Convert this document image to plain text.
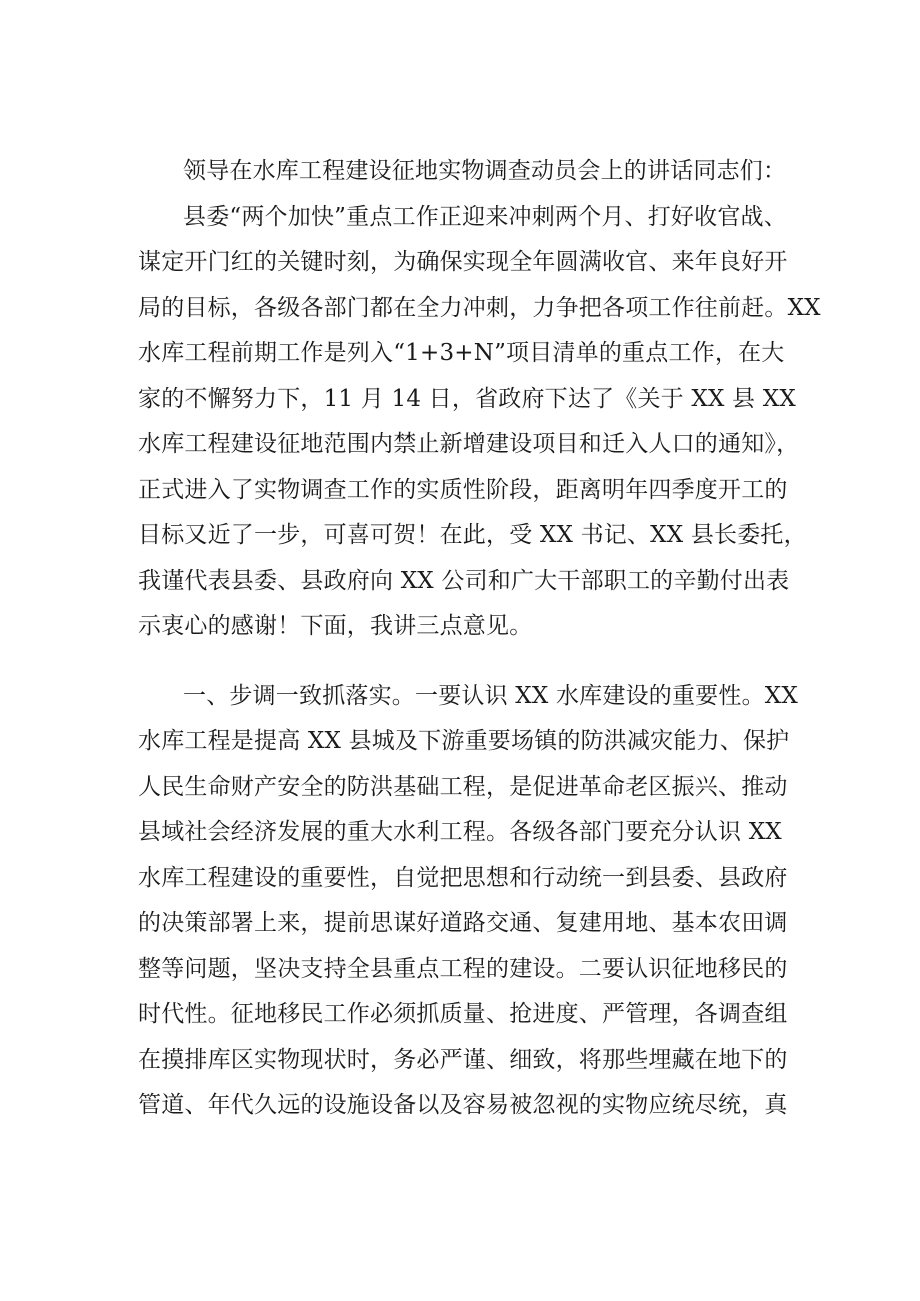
领导在水库工程建设征地实物调查动员会上的讲话同志们：
县委“两个加快”重点工作正迎来冲刺两个月、打好收官战、
谋定开门红的关键时刻，为确保实现全年圆满收官、来年良好开
局的目标，各级各部门都在全力冲刺，力争把各项工作往前赶。XX
水库工程前期工作是列入“1+3+N”项目清单的重点工作，在大
家的不懈努力下，11 月 14 日，省政府下达了《关于 XX 县 XX
水库工程建设征地范围内禁止新增建设项目和迁入人口的通知》，
正式进入了实物调查工作的实质性阶段，距离明年四季度开工的
目标又近了一步，可喜可贺！在此，受 XX 书记、XX 县长委托，
我谨代表县委、县政府向 XX 公司和广大干部职工的辛勤付出表
示衷心的感谢！下面，我讲三点意见。
一、步调一致抓落实。一要认识 XX 水库建设的重要性。XX
水库工程是提高 XX 县城及下游重要场镇的防洪减灾能力、保护
人民生命财产安全的防洪基础工程，是促进革命老区振兴、推动
县域社会经济发展的重大水利工程。各级各部门要充分认识 XX
水库工程建设的重要性，自觉把思想和行动统一到县委、县政府
的决策部署上来，提前思谋好道路交通、复建用地、基本农田调
整等问题，坚决支持全县重点工程的建设。二要认识征地移民的
时代性。征地移民工作必须抓质量、抢进度、严管理，各调查组
在摸排库区实物现状时，务必严谨、细致，将那些埋藏在地下的
管道、年代久远的设施设备以及容易被忽视的实物应统尽统，真
